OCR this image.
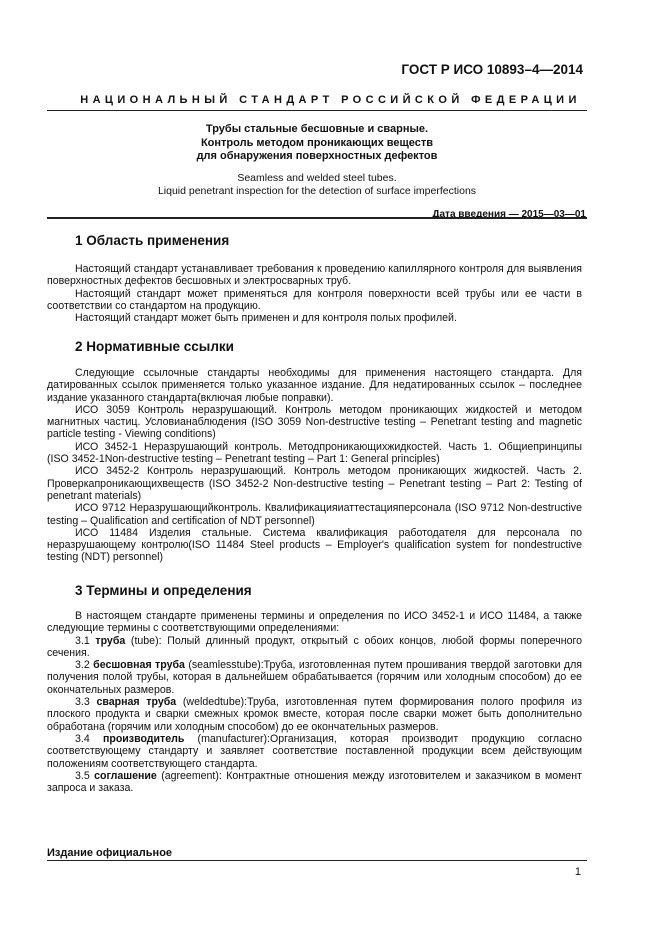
ГОСТ Р ИСО 10893–4—2014
НАЦИОНАЛЬНЫЙ СТАНДАРТ РОССИЙСКОЙ ФЕДЕРАЦИИ
Трубы стальные бесшовные и сварные.
Контроль методом проникающих веществ
для обнаружения поверхностных дефектов
Seamless and welded steel tubes.
Liquid penetrant inspection for the detection of surface imperfections
Дата введения — 2015—03—01
1 Область применения

Настоящий стандарт устанавливает требования к проведению капиллярного контроля для выявления поверхностных дефектов бесшовных и электросварных труб.

Настоящий стандарт может применяться для контроля поверхности всей трубы или ее части в соответствии со стандартом на продукцию.

Настоящий стандарт может быть применен и для контроля полых профилей.

2 Нормативные ссылки

Следующие ссылочные стандарты необходимы для применения настоящего стандарта. Для датированных ссылок применяется только указанное издание. Для недатированных ссылок – последнее издание указанного стандарта(включая любые поправки).

ИСО 3059 Контроль неразрушающий. Контроль методом проникающих жидкостей и методом магнитных частиц. Условианаблюдения (ISO 3059 Non-destructive testing – Penetrant testing and magnetic particle testing - Viewing conditions)

ИСО 3452-1 Неразрушающий контроль. Методпроникающихжидкостей. Часть 1. Общиепринципы (ISO 3452-1Non-destructive testing – Penetrant testing – Part 1: General principles)

ИСО 3452-2 Контроль неразрушающий. Контроль методом проникающих жидкостей. Часть 2. Проверкапроникающихвеществ (ISO 3452-2 Non-destructive testing – Penetrant testing – Part 2: Testing of penetrant materials)

ИСО 9712 Неразрушающийконтроль. Квалификацияиаттестацияперсонала (ISO 9712 Non-destructive testing – Qualification and certification of NDT personnel)

ИСО 11484 Изделия стальные. Система квалификация работодателя для персонала по неразрушающему контролю(ISO 11484 Steel products – Employer's qualification system for nondestructive testing (NDT) personnel)

3 Термины и определения

В настоящем стандарте применены термины и определения по ИСО 3452-1 и ИСО 11484, а также следующие термины с соответствующими определениями:

3.1 труба (tube): Полый длинный продукт, открытый с обоих концов, любой формы поперечного сечения.

3.2 бесшовная труба (seamlesstube):Труба, изготовленная путем прошивания твердой заготовки для получения полой трубы, которая в дальнейшем обрабатывается (горячим или холодным способом) до ее окончательных размеров.

3.3 сварная труба (weldedtube):Труба, изготовленная путем формирования полого профиля из плоского продукта и сварки смежных кромок вместе, которая после сварки может быть дополнительно обработана (горячим или холодным способом) до ее окончательных размеров.

3.4 производитель (manufacturer):Организация, которая производит продукцию согласно соответствующему стандарту и заявляет соответствие поставленной продукции всем действующим положениям соответствующего стандарта.

3.5 соглашение (agreement): Контрактные отношения между изготовителем и заказчиком в момент запроса и заказа.

Издание официальное
1
